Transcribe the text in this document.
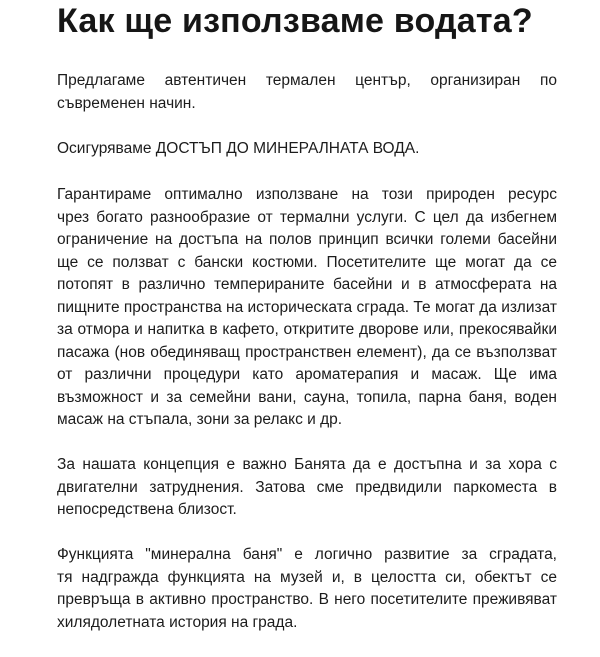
Как ще използваме водата?

Предлагаме автентичен термален център, организиран по
съвременен начин.

Осигуряваме ДОСТЪП ДО МИНЕРАЛНАТА ВОДА.

Гарантираме оптимално използване на този природен ресурс
чрез богато разнообразие от термални услуги. С цел да избегнем
ограничение на достъпа на полов принцип всички големи басейни
ще се ползват с бански костюми. Посетителите ще могат да се
потопят в различно темперираните басейни и в атмосферата на
пищните пространства на историческата сграда. Те могат да излизат
за отмора и напитка в кафето, откритите дворове или, прекосявайки
пасажа (нов обединяващ пространствен елемент), да се възползват
от различни процедури като ароматерапия и масаж. Ще има
възможност и за семейни вани, сауна, топила, парна баня, воден
масаж на стъпала, зони за релакс и др.

За нашата концепция е важно Банята да е достъпна и за хора с
двигателни затруднения. Затова сме предвидили паркоместа в
непосредствена близост.

Функцията "минерална баня" е логично развитие за сградата,
тя надгражда функцията на музей и, в целостта си, обектът се
превръща в активно пространство. В него посетителите преживяват
хилядолетната история на града.
